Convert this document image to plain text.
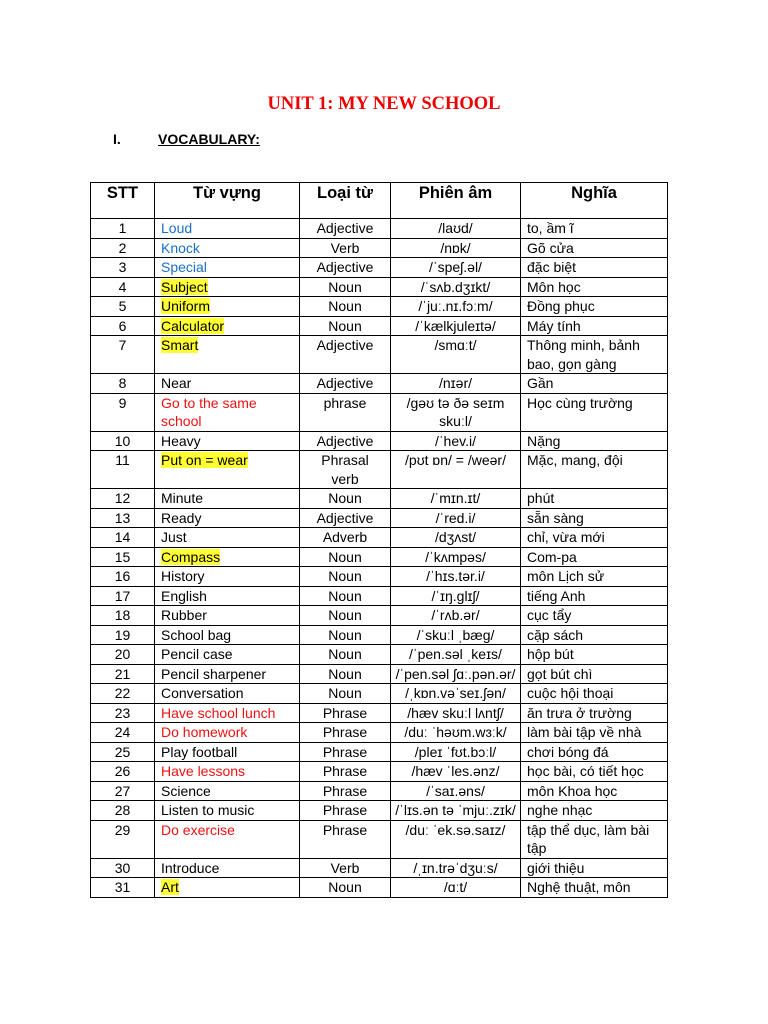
UNIT 1: MY NEW SCHOOL
I.	VOCABULARY:
STT	Từ vựng	Loại từ	Phiên âm	Nghĩa
1	Loud	Adjective	/laʊd/	to, ầm ĩ
2	Knock	Verb	/nɒk/	Gõ cửa
3	Special	Adjective	/ˈspeʃ.əl/	đặc biệt
4	Subject	Noun	/ˈsʌb.dʒɪkt/	Môn học
5	Uniform	Noun	/ˈjuː.nɪ.fɔːm/	Đồng phục
6	Calculator	Noun	/ˈkælkjuleɪtə/	Máy tính
7	Smart	Adjective	/smɑːt/	Thông minh, bảnh bao, gọn gàng
8	Near	Adjective	/nɪər/	Gần
9	Go to the same school	phrase	/gəʊ tə ðə seɪm skuːl/	Học cùng trường
10	Heavy	Adjective	/ˈhev.i/	Nặng
11	Put on = wear	Phrasal verb	/pʊt ɒn/ = /weər/	Mặc, mang, đội
12	Minute	Noun	/ˈmɪn.ɪt/	phút
13	Ready	Adjective	/ˈred.i/	sẵn sàng
14	Just	Adverb	/dʒʌst/	chỉ, vừa mới
15	Compass	Noun	/ˈkʌmpəs/	Com-pa
16	History	Noun	/ˈhɪs.tər.i/	môn Lịch sử
17	English	Noun	/ˈɪŋ.ɡlɪʃ/	tiếng Anh
18	Rubber	Noun	/ˈrʌb.ər/	cục tẩy
19	School bag	Noun	/ˈskuːl ˌbæɡ/	cặp sách
20	Pencil case	Noun	/ˈpen.səl ˌkeɪs/	hộp bút
21	Pencil sharpener	Noun	/ˈpen.səl ʃɑː.pən.ər/	gọt bút chì
22	Conversation	Noun	/ˌkɒn.vəˈseɪ.ʃən/	cuộc hội thoại
23	Have school lunch	Phrase	/hæv skuːl lʌntʃ/	ăn trưa ở trường
24	Do homework	Phrase	/duː ˈhəʊm.wɜːk/	làm bài tập về nhà
25	Play football	Phrase	/pleɪ ˈfʊt.bɔːl/	chơi bóng đá
26	Have lessons	Phrase	/hæv ˈles.ənz/	học bài, có tiết học
27	Science	Phrase	/ˈsaɪ.əns/	môn Khoa học
28	Listen to music	Phrase	/ˈlɪs.ən tə ˈmjuː.zɪk/	nghe nhạc
29	Do exercise	Phrase	/duː ˈek.sə.saɪz/	tập thể dục, làm bài tập
30	Introduce	Verb	/ˌɪn.trəˈdʒuːs/	giới thiệu
31	Art	Noun	/ɑːt/	Nghệ thuật, môn
